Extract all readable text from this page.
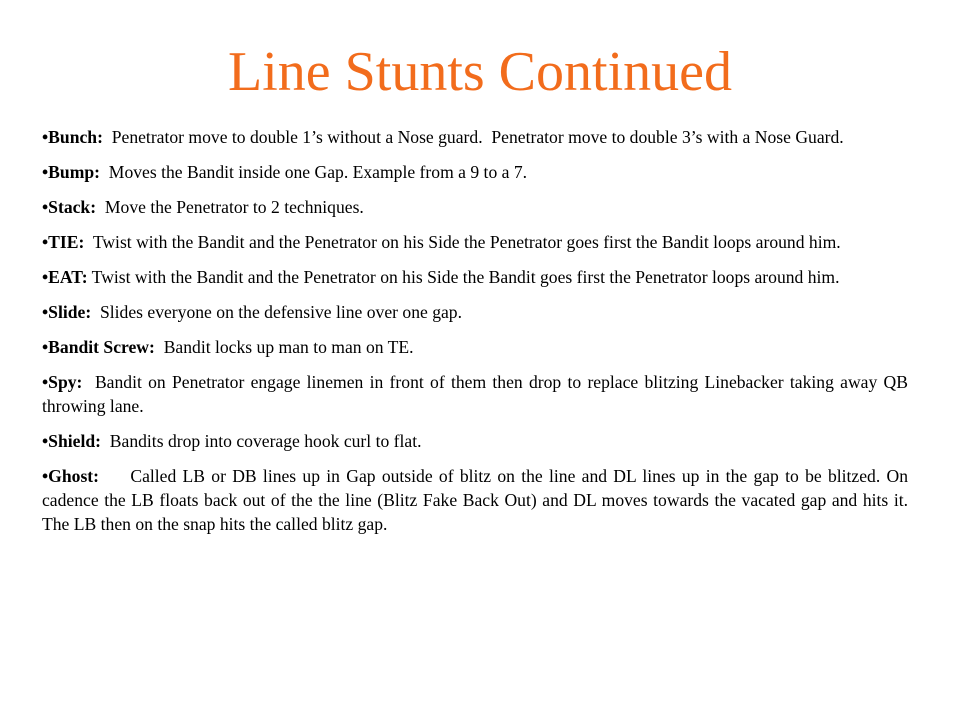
Line Stunts Continued
•Bunch:  Penetrator move to double 1’s without a Nose guard.  Penetrator move to double 3’s with a Nose Guard.
•Bump:  Moves the Bandit inside one Gap. Example from a 9 to a 7.
•Stack:  Move the Penetrator to 2 techniques.
•TIE:  Twist with the Bandit and the Penetrator on his Side the Penetrator goes first the Bandit loops around him.
•EAT: Twist with the Bandit and the Penetrator on his Side the Bandit goes first the Penetrator loops around him.
•Slide:  Slides everyone on the defensive line over one gap.
•Bandit Screw:  Bandit locks up man to man on TE.
•Spy:  Bandit on Penetrator engage linemen in front of them then drop to replace blitzing Linebacker taking away QB throwing lane.
•Shield:  Bandits drop into coverage hook curl to flat.
•Ghost:     Called LB or DB lines up in Gap outside of blitz on the line and DL lines up in the gap to be blitzed. On cadence the LB floats back out of the the line (Blitz Fake Back Out) and DL moves towards the vacated gap and hits it.  The LB then on the snap hits the called blitz gap.
